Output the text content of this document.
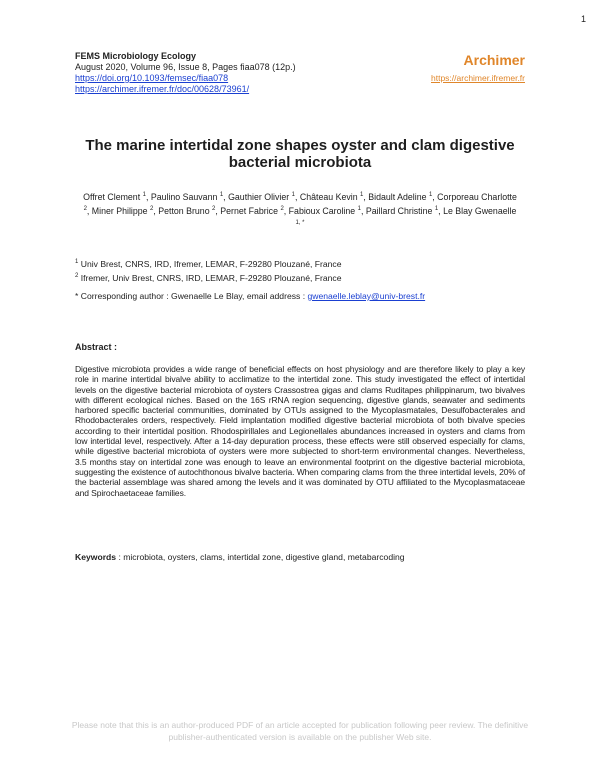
1
FEMS Microbiology Ecology
August 2020, Volume 96, Issue 8, Pages fiaa078 (12p.)
https://doi.org/10.1093/femsec/fiaa078
https://archimer.ifremer.fr/doc/00628/73961/
Archimer
https://archimer.ifremer.fr
The marine intertidal zone shapes oyster and clam digestive bacterial microbiota
Offret Clement $^1$, Paulino Sauvann $^1$, Gauthier Olivier $^1$, Château Kevin $^1$, Bidault Adeline $^1$, Corporeau Charlotte $^2$, Miner Philippe $^2$, Petton Bruno $^2$, Pernet Fabrice $^2$, Fabioux Caroline $^1$, Paillard Christine $^1$, Le Blay Gwenaelle $^{1, *}$
$^1$ Univ Brest, CNRS, IRD, Ifremer, LEMAR, F-29280 Plouzané, France
$^2$ Ifremer, Univ Brest, CNRS, IRD, LEMAR, F-29280 Plouzané, France
* Corresponding author : Gwenaelle Le Blay, email address : gwenaelle.leblay@univ-brest.fr
Abstract :
Digestive microbiota provides a wide range of beneficial effects on host physiology and are therefore likely to play a key role in marine intertidal bivalve ability to acclimatize to the intertidal zone. This study investigated the effect of intertidal levels on the digestive bacterial microbiota of oysters Crassostrea gigas and clams Ruditapes philippinarum, two bivalves with different ecological niches. Based on the 16S rRNA region sequencing, digestive glands, seawater and sediments harbored specific bacterial communities, dominated by OTUs assigned to the Mycoplasmatales, Desulfobacterales and Rhodobacterales orders, respectively. Field implantation modified digestive bacterial microbiota of both bivalve species according to their intertidal position. Rhodospirillales and Legionellales abundances increased in oysters and clams from low intertidal level, respectively. After a 14-day depuration process, these effects were still observed especially for clams, while digestive bacterial microbiota of oysters were more subjected to short-term environmental changes. Nevertheless, 3.5 months stay on intertidal zone was enough to leave an environmental footprint on the digestive bacterial microbiota, suggesting the existence of autochthonous bivalve bacteria. When comparing clams from the three intertidal levels, 20% of the bacterial assemblage was shared among the levels and it was dominated by OTU affiliated to the Mycoplasmataceae and Spirochaetaceae families.
Keywords : microbiota, oysters, clams, intertidal zone, digestive gland, metabarcoding
Please note that this is an author-produced PDF of an article accepted for publication following peer review. The definitive
publisher-authenticated version is available on the publisher Web site.
